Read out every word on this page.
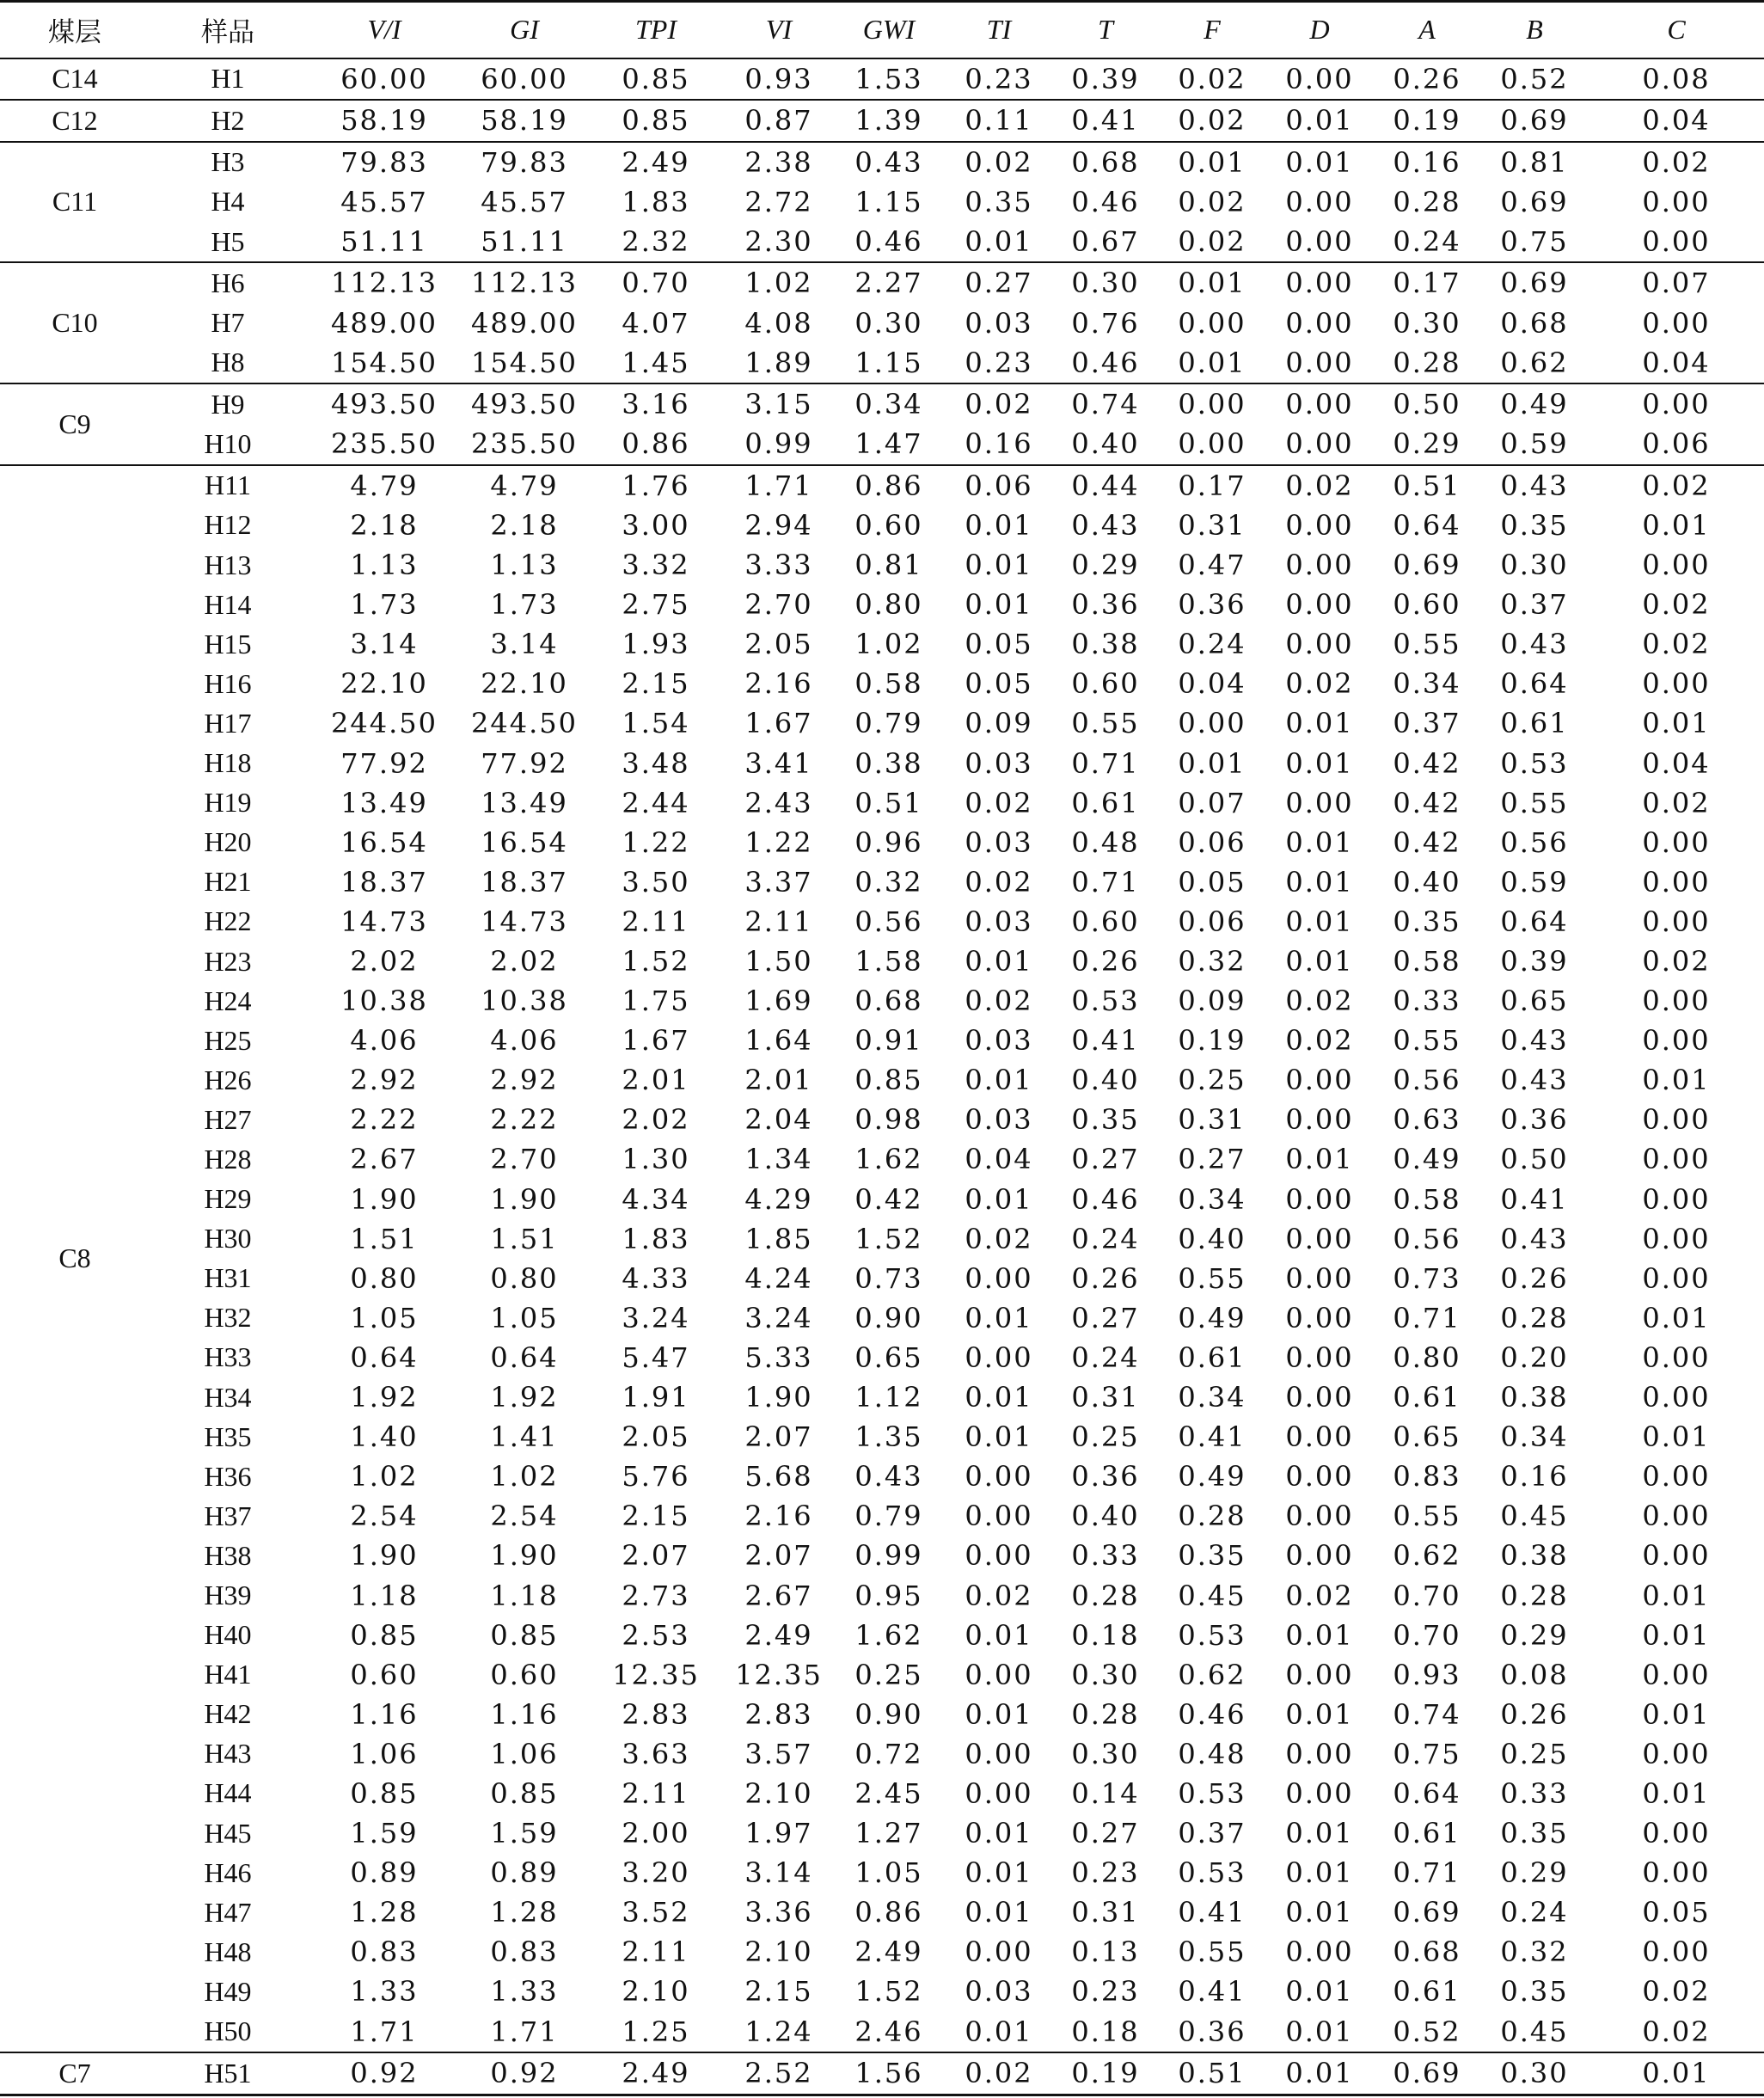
煤层	样品	V/I	GI	TPI	VI	GWI	TI	T	F	D	A	B	C
C14	H1	60.00	60.00	0.85	0.93	1.53	0.23	0.39	0.02	0.00	0.26	0.52	0.08
C12	H2	58.19	58.19	0.85	0.87	1.39	0.11	0.41	0.02	0.01	0.19	0.69	0.04
C11	H3	79.83	79.83	2.49	2.38	0.43	0.02	0.68	0.01	0.01	0.16	0.81	0.02
	H4	45.57	45.57	1.83	2.72	1.15	0.35	0.46	0.02	0.00	0.28	0.69	0.00
	H5	51.11	51.11	2.32	2.30	0.46	0.01	0.67	0.02	0.00	0.24	0.75	0.00
C10	H6	112.13	112.13	0.70	1.02	2.27	0.27	0.30	0.01	0.00	0.17	0.69	0.07
	H7	489.00	489.00	4.07	4.08	0.30	0.03	0.76	0.00	0.00	0.30	0.68	0.00
	H8	154.50	154.50	1.45	1.89	1.15	0.23	0.46	0.01	0.00	0.28	0.62	0.04
C9	H9	493.50	493.50	3.16	3.15	0.34	0.02	0.74	0.00	0.00	0.50	0.49	0.00
	H10	235.50	235.50	0.86	0.99	1.47	0.16	0.40	0.00	0.00	0.29	0.59	0.06
C8	H11	4.79	4.79	1.76	1.71	0.86	0.06	0.44	0.17	0.02	0.51	0.43	0.02
	H12	2.18	2.18	3.00	2.94	0.60	0.01	0.43	0.31	0.00	0.64	0.35	0.01
	H13	1.13	1.13	3.32	3.33	0.81	0.01	0.29	0.47	0.00	0.69	0.30	0.00
	H14	1.73	1.73	2.75	2.70	0.80	0.01	0.36	0.36	0.00	0.60	0.37	0.02
	H15	3.14	3.14	1.93	2.05	1.02	0.05	0.38	0.24	0.00	0.55	0.43	0.02
	H16	22.10	22.10	2.15	2.16	0.58	0.05	0.60	0.04	0.02	0.34	0.64	0.00
	H17	244.50	244.50	1.54	1.67	0.79	0.09	0.55	0.00	0.01	0.37	0.61	0.01
	H18	77.92	77.92	3.48	3.41	0.38	0.03	0.71	0.01	0.01	0.42	0.53	0.04
	H19	13.49	13.49	2.44	2.43	0.51	0.02	0.61	0.07	0.00	0.42	0.55	0.02
	H20	16.54	16.54	1.22	1.22	0.96	0.03	0.48	0.06	0.01	0.42	0.56	0.00
	H21	18.37	18.37	3.50	3.37	0.32	0.02	0.71	0.05	0.01	0.40	0.59	0.00
	H22	14.73	14.73	2.11	2.11	0.56	0.03	0.60	0.06	0.01	0.35	0.64	0.00
	H23	2.02	2.02	1.52	1.50	1.58	0.01	0.26	0.32	0.01	0.58	0.39	0.02
	H24	10.38	10.38	1.75	1.69	0.68	0.02	0.53	0.09	0.02	0.33	0.65	0.00
	H25	4.06	4.06	1.67	1.64	0.91	0.03	0.41	0.19	0.02	0.55	0.43	0.00
	H26	2.92	2.92	2.01	2.01	0.85	0.01	0.40	0.25	0.00	0.56	0.43	0.01
	H27	2.22	2.22	2.02	2.04	0.98	0.03	0.35	0.31	0.00	0.63	0.36	0.00
	H28	2.67	2.70	1.30	1.34	1.62	0.04	0.27	0.27	0.01	0.49	0.50	0.00
	H29	1.90	1.90	4.34	4.29	0.42	0.01	0.46	0.34	0.00	0.58	0.41	0.00
	H30	1.51	1.51	1.83	1.85	1.52	0.02	0.24	0.40	0.00	0.56	0.43	0.00
	H31	0.80	0.80	4.33	4.24	0.73	0.00	0.26	0.55	0.00	0.73	0.26	0.00
	H32	1.05	1.05	3.24	3.24	0.90	0.01	0.27	0.49	0.00	0.71	0.28	0.01
	H33	0.64	0.64	5.47	5.33	0.65	0.00	0.24	0.61	0.00	0.80	0.20	0.00
	H34	1.92	1.92	1.91	1.90	1.12	0.01	0.31	0.34	0.00	0.61	0.38	0.00
	H35	1.40	1.41	2.05	2.07	1.35	0.01	0.25	0.41	0.00	0.65	0.34	0.01
	H36	1.02	1.02	5.76	5.68	0.43	0.00	0.36	0.49	0.00	0.83	0.16	0.00
	H37	2.54	2.54	2.15	2.16	0.79	0.00	0.40	0.28	0.00	0.55	0.45	0.00
	H38	1.90	1.90	2.07	2.07	0.99	0.00	0.33	0.35	0.00	0.62	0.38	0.00
	H39	1.18	1.18	2.73	2.67	0.95	0.02	0.28	0.45	0.02	0.70	0.28	0.01
	H40	0.85	0.85	2.53	2.49	1.62	0.01	0.18	0.53	0.01	0.70	0.29	0.01
	H41	0.60	0.60	12.35	12.35	0.25	0.00	0.30	0.62	0.00	0.93	0.08	0.00
	H42	1.16	1.16	2.83	2.83	0.90	0.01	0.28	0.46	0.01	0.74	0.26	0.01
	H43	1.06	1.06	3.63	3.57	0.72	0.00	0.30	0.48	0.00	0.75	0.25	0.00
	H44	0.85	0.85	2.11	2.10	2.45	0.00	0.14	0.53	0.00	0.64	0.33	0.01
	H45	1.59	1.59	2.00	1.97	1.27	0.01	0.27	0.37	0.01	0.61	0.35	0.00
	H46	0.89	0.89	3.20	3.14	1.05	0.01	0.23	0.53	0.01	0.71	0.29	0.00
	H47	1.28	1.28	3.52	3.36	0.86	0.01	0.31	0.41	0.01	0.69	0.24	0.05
	H48	0.83	0.83	2.11	2.10	2.49	0.00	0.13	0.55	0.00	0.68	0.32	0.00
	H49	1.33	1.33	2.10	2.15	1.52	0.03	0.23	0.41	0.01	0.61	0.35	0.02
	H50	1.71	1.71	1.25	1.24	2.46	0.01	0.18	0.36	0.01	0.52	0.45	0.02
C7	H51	0.92	0.92	2.49	2.52	1.56	0.02	0.19	0.51	0.01	0.69	0.30	0.01
